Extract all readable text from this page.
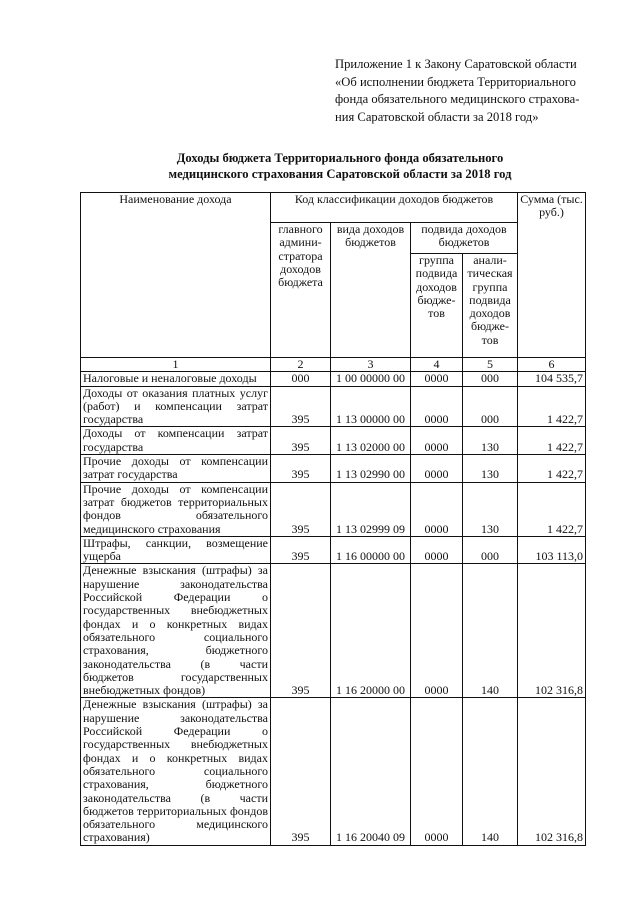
Приложение 1 к Закону Саратовской области
«Об исполнении бюджета Территориального
фонда обязательного медицинского страхова-
ния Саратовской области за 2018 год»
Доходы бюджета Территориального фонда обязательного
медицинского страхования Саратовской области за 2018 год
Наименование дохода	Код классификации доходов бюджетов				Сумма (тыс. руб.)
	главного админи- стратора доходов бюджета	вида доходов бюджетов	подвида доходов бюджетов		
			группа подвида доходов бюдже- тов	анали- тическая группа подвида доходов бюдже- тов	
1	2	3	4	5	6
Налоговые и неналоговые доходы	000	1 00 00000 00	0000	000	104 535,7
Доходы от оказания платных услуг (работ) и компенсации затрат государства	395	1 13 00000 00	0000	000	1 422,7
Доходы от компенсации затрат государства	395	1 13 02000 00	0000	130	1 422,7
Прочие доходы от компенсации затрат государства	395	1 13 02990 00	0000	130	1 422,7
Прочие доходы от компенсации затрат бюджетов территориальных фондов обязательного медицинского страхования	395	1 13 02999 09	0000	130	1 422,7
Штрафы, санкции, возмещение ущерба	395	1 16 00000 00	0000	000	103 113,0
Денежные взыскания (штрафы) за нарушение законодательства Российской Федерации о государственных внебюджетных фондах и о конкретных видах обязательного социального страхования, бюджетного законодательства (в части бюджетов государственных внебюджетных фондов)	395	1 16 20000 00	0000	140	102 316,8
Денежные взыскания (штрафы) за нарушение законодательства Российской Федерации о государственных внебюджетных фондах и о конкретных видах обязательного социального страхования, бюджетного законодательства (в части бюджетов территориальных фондов обязательного медицинского страхования)	395	1 16 20040 09	0000	140	102 316,8
